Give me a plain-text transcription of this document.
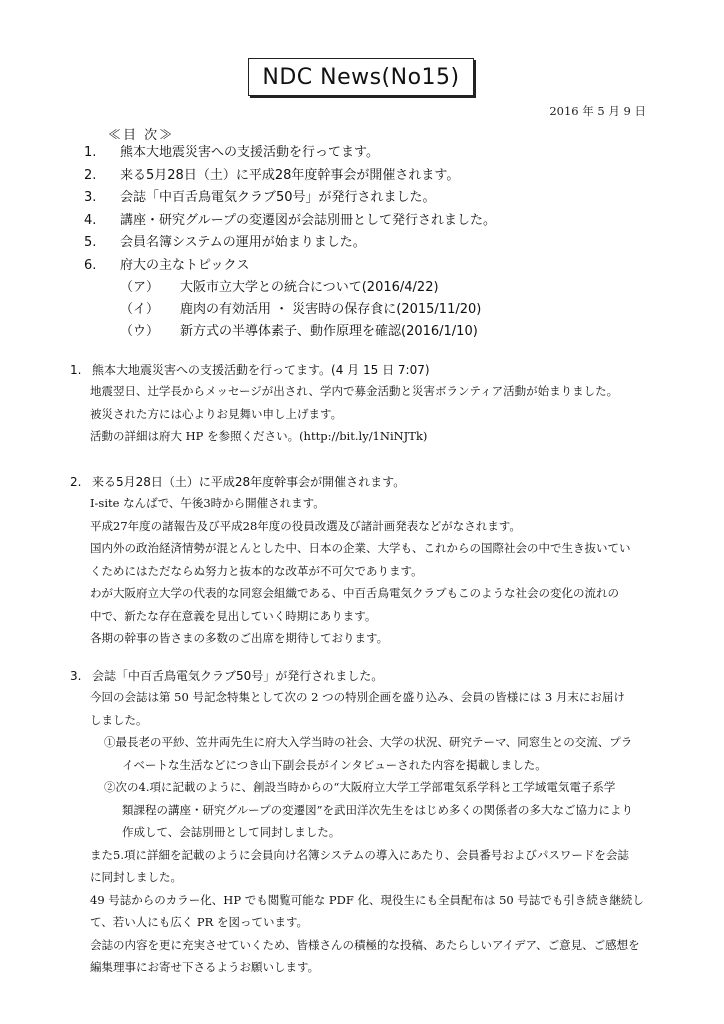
NDC News(No15)
2016 年 5 月 9 日
≪目 次≫
1.	熊本大地震災害への支援活動を行ってます。
2.	来る5月28日（土）に平成28年度幹事会が開催されます。
3.	会誌「中百舌鳥電気クラブ50号」が発行されました。
4.	講座・研究グループの変遷図が会誌別冊として発行されました。
5.	会員名簿システムの運用が始まりました。
6.	府大の主なトピックス
（ア）	大阪市立大学との統合について(2016/4/22)
（イ）	鹿肉の有効活用 ・ 災害時の保存食に(2015/11/20)
（ウ）	新方式の半導体素子、動作原理を確認(2016/1/10)
1. 熊本大地震災害への支援活動を行ってます。(4 月 15 日 7:07)
地震翌日、辻学長からメッセージが出され、学内で募金活動と災害ボランティア活動が始まりました。
被災された方には心よりお見舞い申し上げます。
活動の詳細は府大 HP を参照ください。(http://bit.ly/1NiNJTk)
2. 来る5月28日（土）に平成28年度幹事会が開催されます。
I-site なんばで、午後3時から開催されます。
平成27年度の諸報告及び平成28年度の役員改選及び諸計画発表などがなされます。
国内外の政治経済情勢が混とんとした中、日本の企業、大学も、これからの国際社会の中で生き抜いてい
くためにはただならぬ努力と抜本的な改革が不可欠であります。
わが大阪府立大学の代表的な同窓会組織である、中百舌鳥電気クラブもこのような社会の変化の流れの
中で、新たな存在意義を見出していく時期にあります。
各期の幹事の皆さまの多数のご出席を期待しております。
3. 会誌「中百舌鳥電気クラブ50号」が発行されました。
今回の会誌は第 50 号記念特集として次の 2 つの特別企画を盛り込み、会員の皆様には 3 月末にお届け
しました。
①最長老の平紗、笠井両先生に府大入学当時の社会、大学の状況、研究テーマ、同窓生との交流、プラ
イベートな生活などにつき山下副会長がインタビューされた内容を掲載しました。
②次の4.項に記載のように、創設当時からの“大阪府立大学工学部電気系学科と工学域電気電子系学
類課程の講座・研究グループの変遷図”を武田洋次先生をはじめ多くの関係者の多大なご協力により
作成して、会誌別冊として同封しました。
また5.項に詳細を記載のように会員向け名簿システムの導入にあたり、会員番号およびパスワードを会誌
に同封しました。
49 号誌からのカラー化、HP でも閲覧可能な PDF 化、現役生にも全員配布は 50 号誌でも引き続き継続し
て、若い人にも広く PR を図っています。
会誌の内容を更に充実させていくため、皆様さんの積極的な投稿、あたらしいアイデア、ご意見、ご感想を
編集理事にお寄せ下さるようお願いします。
